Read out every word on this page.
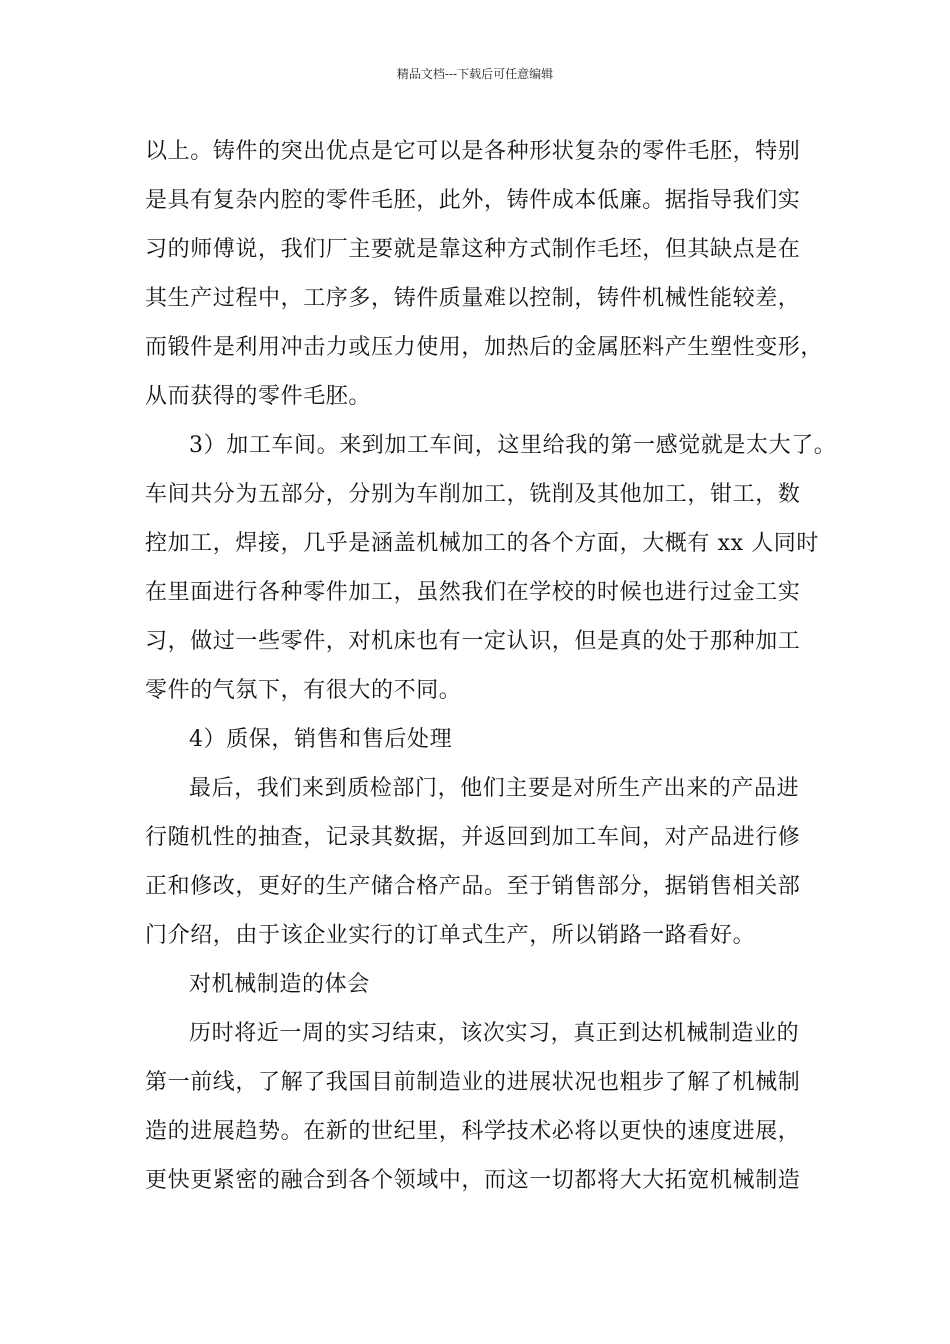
精品文档---下载后可任意编辑
以上。铸件的突出优点是它可以是各种形状复杂的零件毛胚，特别
是具有复杂内腔的零件毛胚，此外，铸件成本低廉。据指导我们实
习的师傅说，我们厂主要就是靠这种方式制作毛坯，但其缺点是在
其生产过程中，工序多，铸件质量难以控制，铸件机械性能较差，
而锻件是利用冲击力或压力使用，加热后的金属胚料产生塑性变形，
从而获得的零件毛胚。
3）加工车间。来到加工车间，这里给我的第一感觉就是太大了。
车间共分为五部分，分别为车削加工，铣削及其他加工，钳工，数
控加工，焊接，几乎是涵盖机械加工的各个方面，大概有 xx 人同时
在里面进行各种零件加工，虽然我们在学校的时候也进行过金工实
习，做过一些零件，对机床也有一定认识，但是真的处于那种加工
零件的气氛下，有很大的不同。
4）质保，销售和售后处理
最后，我们来到质检部门，他们主要是对所生产出来的产品进
行随机性的抽查，记录其数据，并返回到加工车间，对产品进行修
正和修改，更好的生产储合格产品。至于销售部分，据销售相关部
门介绍，由于该企业实行的订单式生产，所以销路一路看好。
对机械制造的体会
历时将近一周的实习结束，该次实习，真正到达机械制造业的
第一前线，了解了我国目前制造业的进展状况也粗步了解了机械制
造的进展趋势。在新的世纪里，科学技术必将以更快的速度进展，
更快更紧密的融合到各个领域中，而这一切都将大大拓宽机械制造
